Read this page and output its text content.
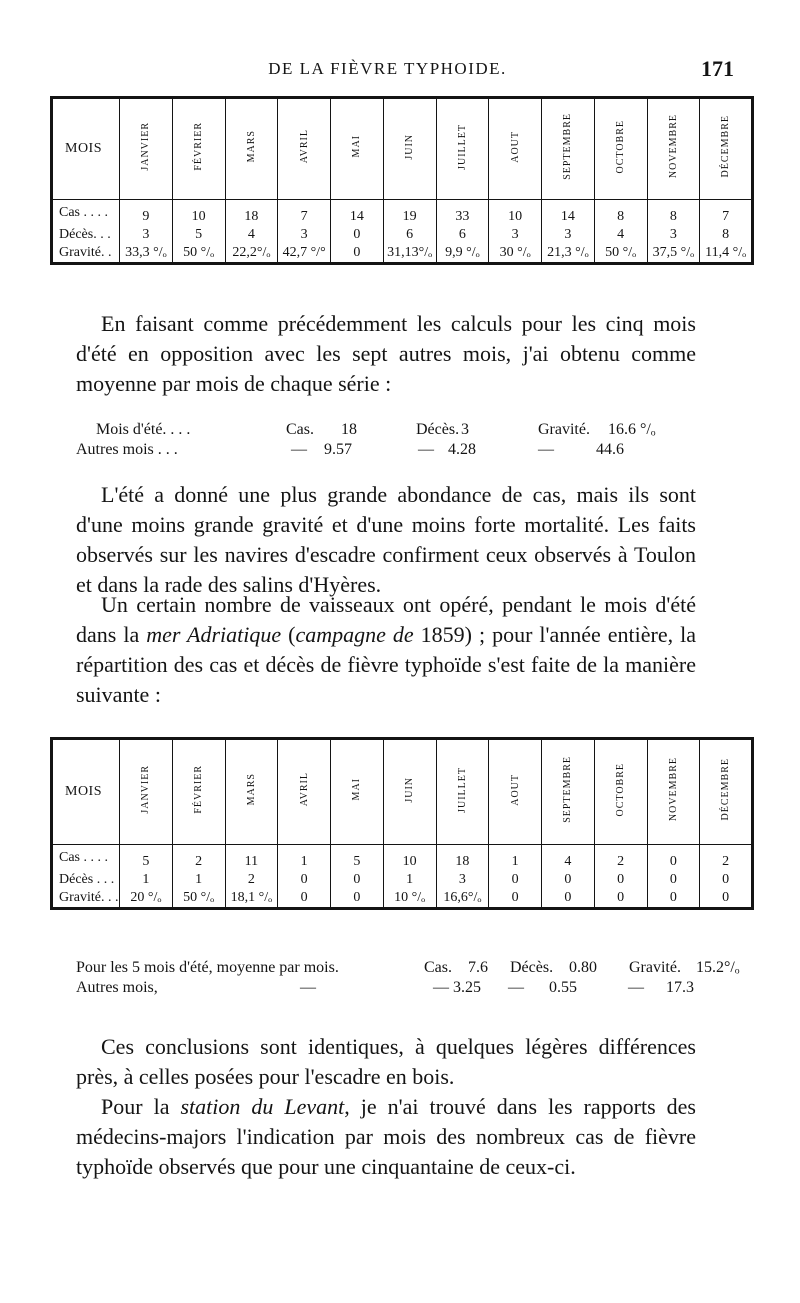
DE LA FIÈVRE TYPHOIDE.	171
MOIS	JANVIER	FÉVRIER	MARS	AVRIL	MAI	JUIN	JUILLET	AOUT	SEPTEMBRE	OCTOBRE	NOVEMBRE	DÉCEMBRE
Cas . . . .	9	10	18	7	14	19	33	10	14	8	8	7
Décès. . .	3	5	4	3	0	6	6	3	3	4	3	8
Gravité. .	33,3 °/ₒ	50 °/ₒ	22,2°/ₒ	42,7 °/°	0	31,13°/ₒ	9,9 °/ₒ	30 °/ₒ	21,3 °/ₒ	50 °/ₒ	37,5 °/ₒ	11,4 °/ₒ

En faisant comme précédemment les calculs pour les cinq mois d'été en opposition avec les sept autres mois, j'ai obtenu comme moyenne par mois de chaque série :

Mois d'été. . . .	Cas. 18	Décès. 3	Gravité. 16.6 °/ₒ
Autres mois . . .	— 9.57	— 4.28	—	44.6

L'été a donné une plus grande abondance de cas, mais ils sont d'une moins grande gravité et d'une moins forte mortalité. Les faits observés sur les navires d'escadre confirment ceux observés à Toulon et dans la rade des salins d'Hyères.

Un certain nombre de vaisseaux ont opéré, pendant le mois d'été dans la mer Adriatique (campagne de 1859) ; pour l'année entière, la répartition des cas et décès de fièvre typhoïde s'est faite de la manière suivante :

MOIS	JANVIER	FÉVRIER	MARS	AVRIL	MAI	JUIN	JUILLET	AOUT	SEPTEMBRE	OCTOBRE	NOVEMBRE	DÉCEMBRE
Cas . . . .	5	2	11	1	5	10	18	1	4	2	0	2
Décès . . .	1	1	2	0	0	1	3	0	0	0	0	0
Gravité. . .	20 °/ₒ	50 °/ₒ	18,1 °/ₒ	0	0	10 °/ₒ	16,6°/ₒ	0	0	0	0	0
Pour les 5 mois d'été, moyenne par mois.	Cas. 7.6 Décès. 0.80 Gravité. 15.2°/ₒ
Autres mois,	—	— 3.25 — 0.55	— 17.3

Ces conclusions sont identiques, à quelques légères différences près, à celles posées pour l'escadre en bois.

Pour la station du Levant, je n'ai trouvé dans les rapports des médecins-majors l'indication par mois des nombreux cas de fièvre typhoïde observés que pour une cinquantaine de ceux-ci.
